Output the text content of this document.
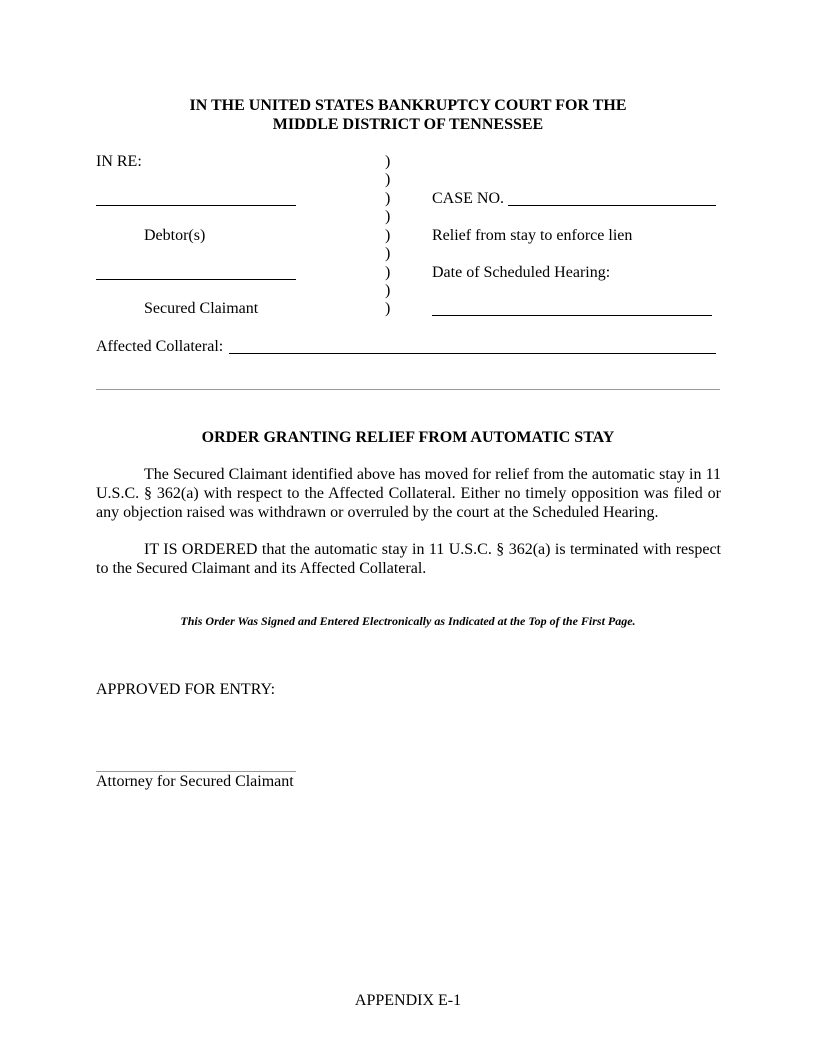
IN THE UNITED STATES BANKRUPTCY COURT FOR THE
MIDDLE DISTRICT OF TENNESSEE
IN RE:
Debtor(s)
Secured Claimant
)
)
)
)
)
)
)
)
)
CASE NO.
Relief from stay to enforce lien
Date of Scheduled Hearing:
Affected Collateral:
ORDER GRANTING RELIEF FROM AUTOMATIC STAY
The Secured Claimant identified above has moved for relief from the automatic stay in 11 U.S.C. § 362(a) with respect to the Affected Collateral. Either no timely opposition was filed or any objection raised was withdrawn or overruled by the court at the Scheduled Hearing.
IT IS ORDERED that the automatic stay in 11 U.S.C. § 362(a) is terminated with respect to the Secured Claimant and its Affected Collateral.
This Order Was Signed and Entered Electronically as Indicated at the Top of the First Page.
APPROVED FOR ENTRY:
Attorney for Secured Claimant
APPENDIX E-1
